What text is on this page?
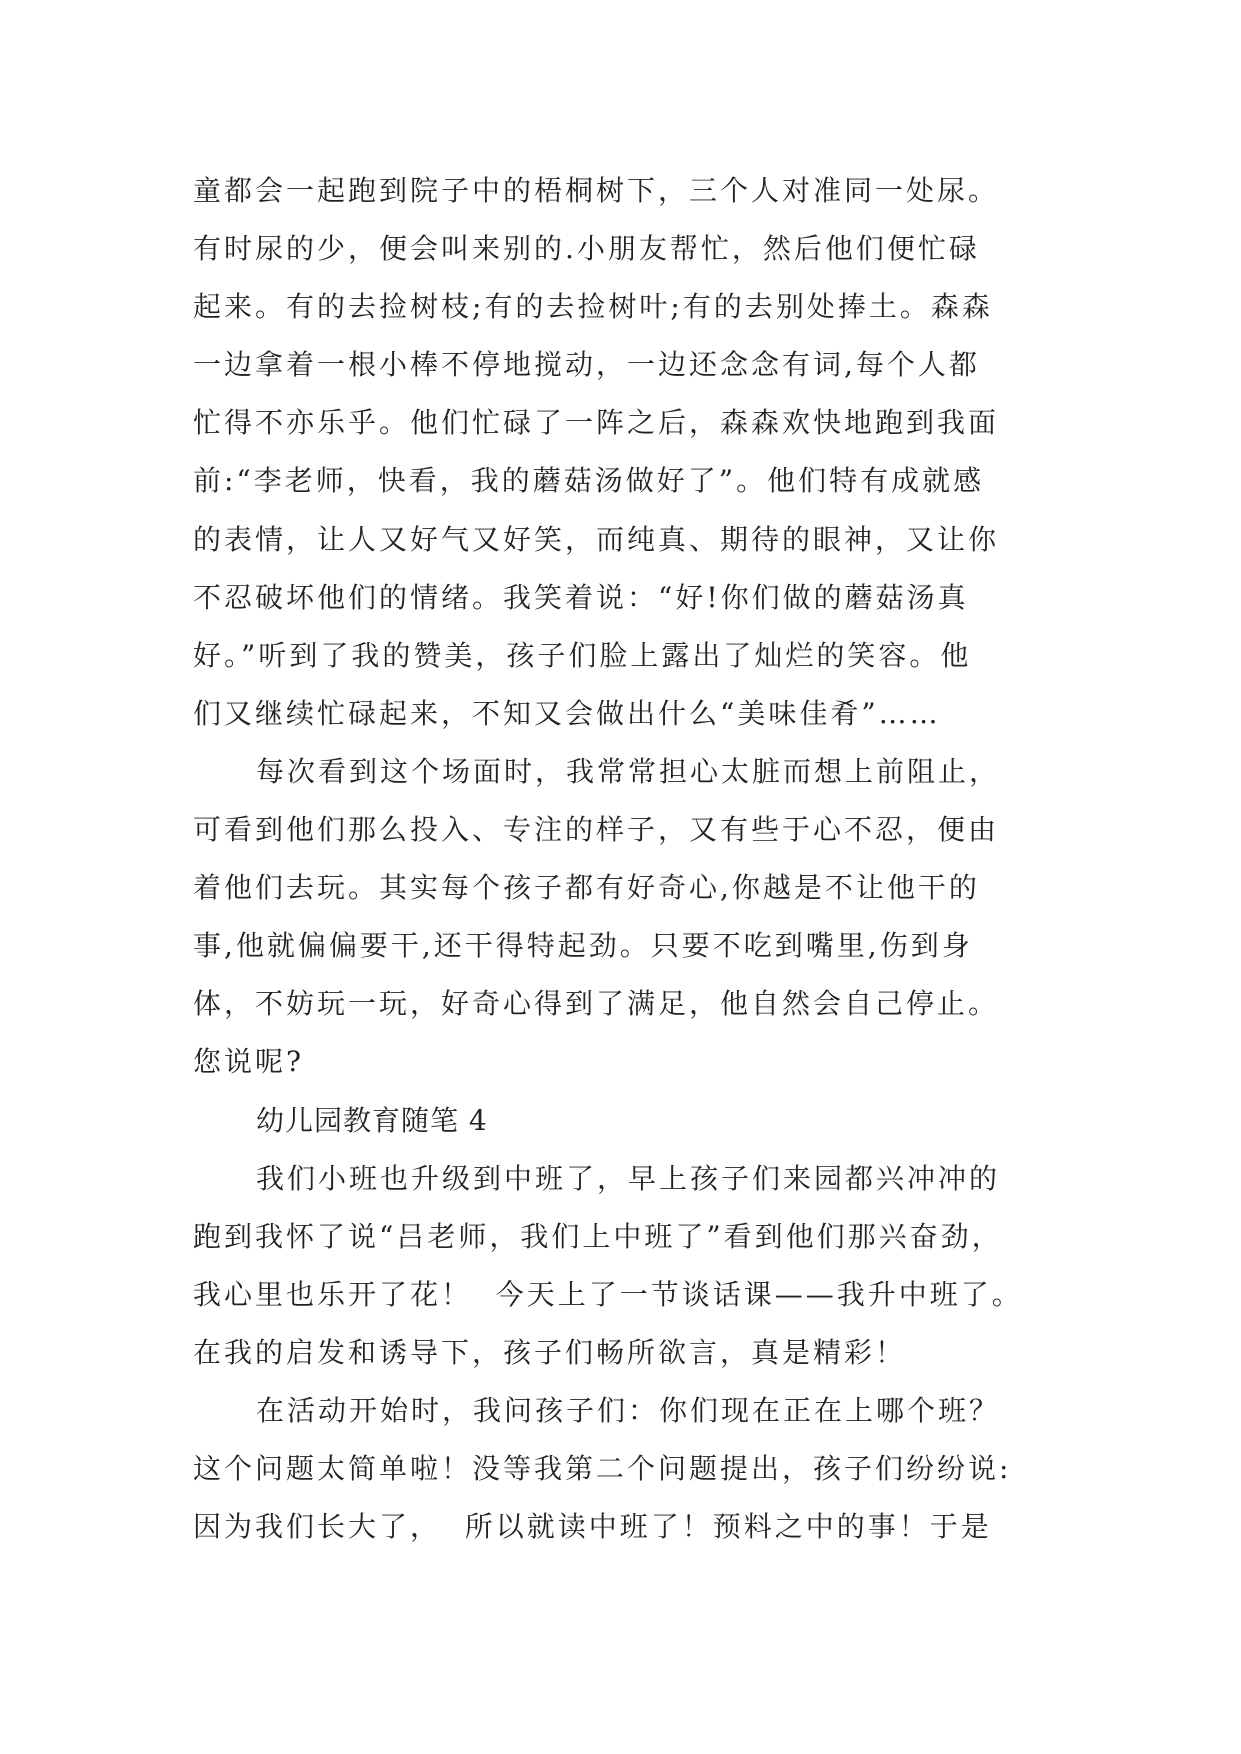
童都会一起跑到院子中的梧桐树下，三个人对准同一处尿。

有时尿的少，便会叫来别的.小朋友帮忙，然后他们便忙碌

起来。有的去捡树枝;有的去捡树叶;有的去别处捧土。森森

一边拿着一根小棒不停地搅动，一边还念念有词,每个人都

忙得不亦乐乎。他们忙碌了一阵之后，森森欢快地跑到我面

前:“李老师，快看，我的蘑菇汤做好了”。他们特有成就感

的表情，让人又好气又好笑，而纯真、期待的眼神，又让你

不忍破坏他们的情绪。我笑着说：“好!你们做的蘑菇汤真

好。”听到了我的赞美，孩子们脸上露出了灿烂的笑容。他

们又继续忙碌起来，不知又会做出什么“美味佳肴”……

每次看到这个场面时，我常常担心太脏而想上前阻止，

可看到他们那么投入、专注的样子，又有些于心不忍，便由

着他们去玩。其实每个孩子都有好奇心,你越是不让他干的

事,他就偏偏要干,还干得特起劲。只要不吃到嘴里,伤到身

体，不妨玩一玩，好奇心得到了满足，他自然会自己停止。

您说呢?

幼儿园教育随笔 4

我们小班也升级到中班了，早上孩子们来园都兴冲冲的

跑到我怀了说“吕老师，我们上中班了”看到他们那兴奋劲，

我心里也乐开了花！  今天上了一节谈话课——我升中班了。

在我的启发和诱导下，孩子们畅所欲言，真是精彩！

在活动开始时，我问孩子们：你们现在正在上哪个班？

这个问题太简单啦！没等我第二个问题提出，孩子们纷纷说:

因为我们长大了，  所以就读中班了！预料之中的事！于是
